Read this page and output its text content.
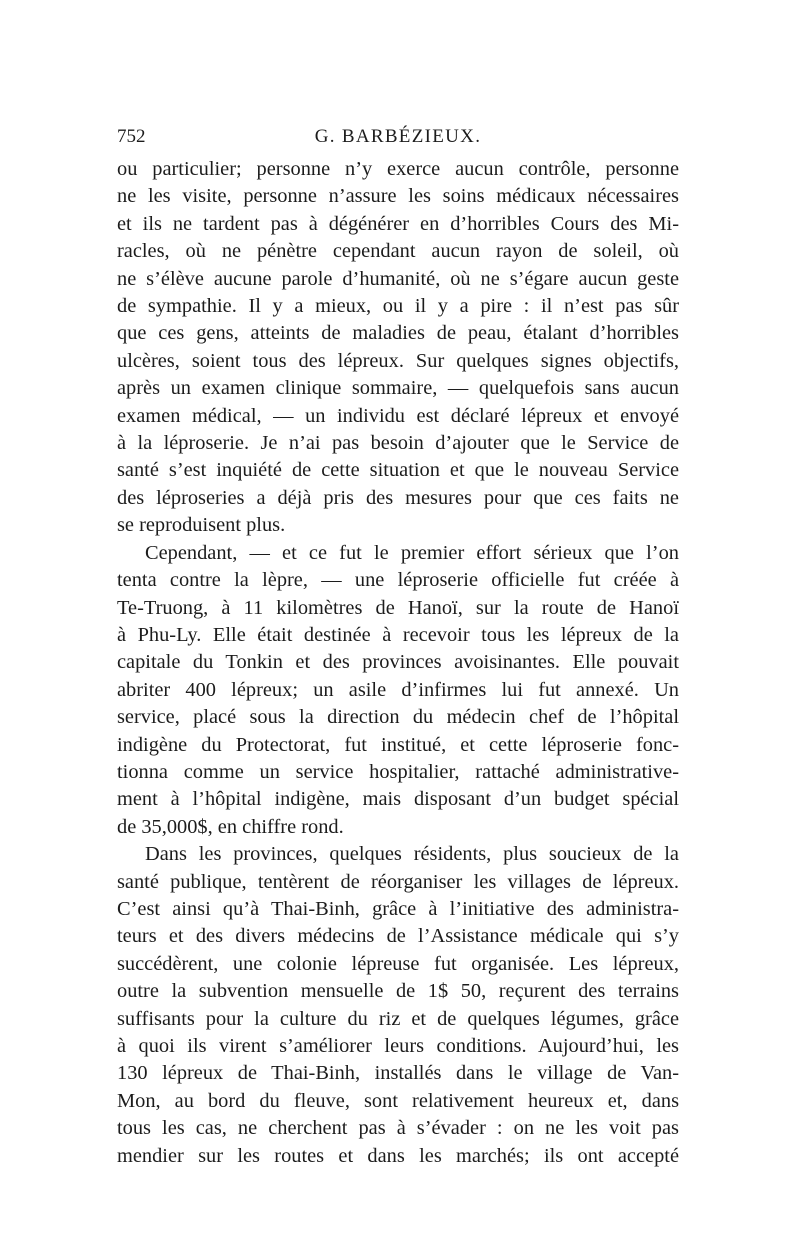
752	G. BARBÉZIEUX.

ou particulier; personne n’y exerce aucun contrôle, personne

ne les visite, personne n’assure les soins médicaux nécessaires

et ils ne tardent pas à dégénérer en d’horribles Cours des Mi-

racles, où ne pénètre cependant aucun rayon de soleil, où

ne s’élève aucune parole d’humanité, où ne s’égare aucun geste

de sympathie. Il y a mieux, ou il y a pire : il n’est pas sûr

que ces gens, atteints de maladies de peau, étalant d’horribles

ulcères, soient tous des lépreux. Sur quelques signes objectifs,

après un examen clinique sommaire, — quelquefois sans aucun

examen médical, — un individu est déclaré lépreux et envoyé

à la léproserie. Je n’ai pas besoin d’ajouter que le Service de

santé s’est inquiété de cette situation et que le nouveau Service

des léproseries a déjà pris des mesures pour que ces faits ne

se reproduisent plus.

Cependant, — et ce fut le premier effort sérieux que l’on

tenta contre la lèpre, — une léproserie officielle fut créée à

Te-Truong, à 11 kilomètres de Hanoï, sur la route de Hanoï

à Phu-Ly. Elle était destinée à recevoir tous les lépreux de la

capitale du Tonkin et des provinces avoisinantes. Elle pouvait

abriter 400 lépreux; un asile d’infirmes lui fut annexé. Un

service, placé sous la direction du médecin chef de l’hôpital

indigène du Protectorat, fut institué, et cette léproserie fonc-

tionna comme un service hospitalier, rattaché administrative-

ment à l’hôpital indigène, mais disposant d’un budget spécial

de 35,000$, en chiffre rond.

Dans les provinces, quelques résidents, plus soucieux de la

santé publique, tentèrent de réorganiser les villages de lépreux.

C’est ainsi qu’à Thai-Binh, grâce à l’initiative des administra-

teurs et des divers médecins de l’Assistance médicale qui s’y

succédèrent, une colonie lépreuse fut organisée. Les lépreux,

outre la subvention mensuelle de 1$ 50, reçurent des terrains

suffisants pour la culture du riz et de quelques légumes, grâce

à quoi ils virent s’améliorer leurs conditions. Aujourd’hui, les

130 lépreux de Thai-Binh, installés dans le village de Van-

Mon, au bord du fleuve, sont relativement heureux et, dans

tous les cas, ne cherchent pas à s’évader : on ne les voit pas

mendier sur les routes et dans les marchés; ils ont accepté
